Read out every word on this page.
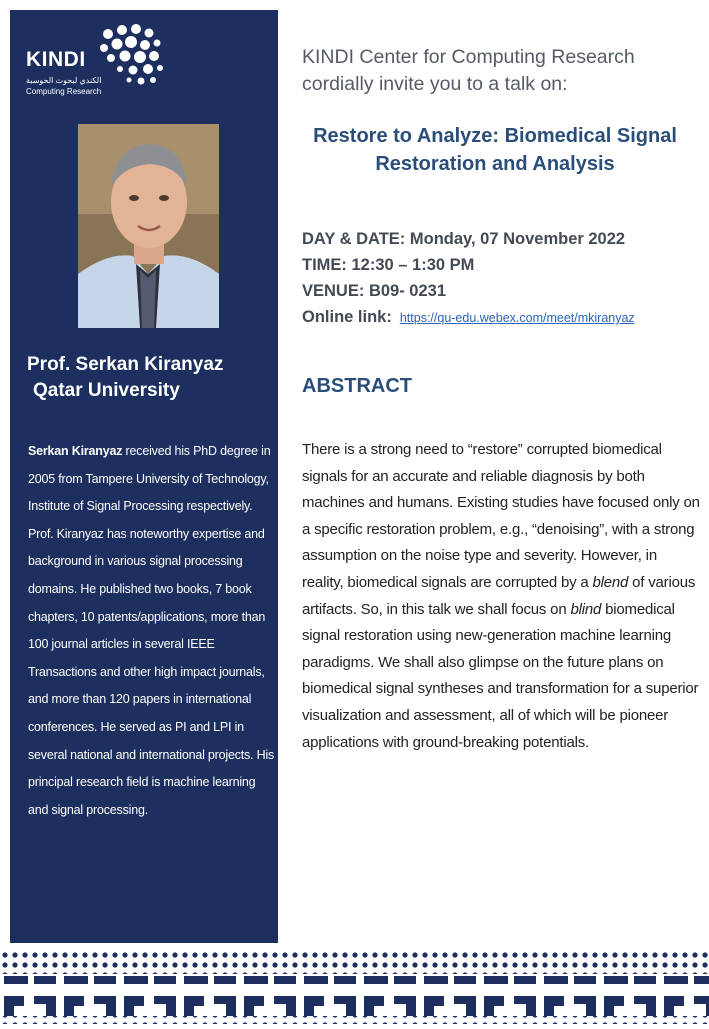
KINDI
الكندي لبحوث الحوسبة
Computing Research
Prof. Serkan Kiranyaz
Qatar University
Serkan Kiranyaz received his PhD degree in 2005 from Tampere University of Technology, Institute of Signal Processing respectively. Prof. Kiranyaz has noteworthy expertise and background in various signal processing domains. He published two books, 7 book chapters, 10 patents/applications, more than 100 journal articles in several IEEE Transactions and other high impact journals, and more than 120 papers in international conferences. He served as PI and LPI in several national and international projects. His principal research field is machine learning and signal processing.
KINDI Center for Computing Research
cordially invite you to a talk on:
Restore to Analyze: Biomedical Signal Restoration and Analysis
DAY & DATE: Monday, 07 November 2022
TIME: 12:30 – 1:30 PM
VENUE: B09- 0231
Online link: https://qu-edu.webex.com/meet/mkiranyaz
ABSTRACT
There is a strong need to “restore” corrupted biomedical signals for an accurate and reliable diagnosis by both machines and humans. Existing studies have focused only on a specific restoration problem, e.g., “denoising”, with a strong assumption on the noise type and severity. However, in reality, biomedical signals are corrupted by a blend of various artifacts. So, in this talk we shall focus on blind biomedical signal restoration using new-generation machine learning paradigms. We shall also glimpse on the future plans on biomedical signal syntheses and transformation for a superior visualization and assessment, all of which will be pioneer applications with ground-breaking potentials.
